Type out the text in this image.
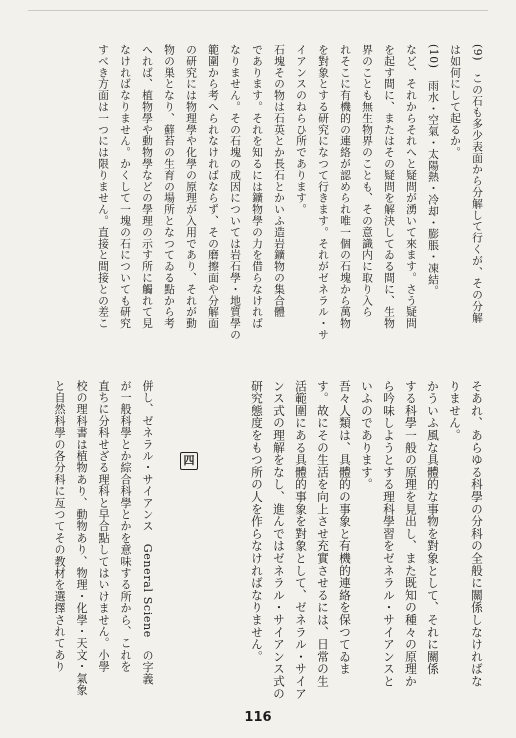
(9)　この石も多少表面から分解して行くが、その分解
は如何にして起るか。
(10)　雨水・空氣・太陽熱・冷却・膨脹・凍結。
など、それからそれへと疑問が湧いて來ます。さう疑問
を起す間に、またはその疑問を解決してゐる間に、生物
界のことも無生物界のことも、その意識内に取り入ら
れそこに有機的の連絡が認められ唯一個の石塊から萬物
を對象とする研究になつて行きます。それがゼネラル・サ
イアンスのねらひ所であります。
石塊その物は石英とか長石とかいふ造岩鑛物の集合體
であります。それを知るには鑛物學の力を借らなければ
なりません。その石塊の成因については岩石學・地質學の
範圍から考へられなければならず、その磨擦面や分解面
の研究には物理學や化學の原理が入用であり、それが動
物の巣となり、蘚苔の生育の場所となつてゐる點から考
へれば、植物學や動物學などの學理の示す所に觸れて見
なければなりません。かくして一塊の石についても研究
すべき方面は一つには限りません。直接と間接との差こ
そあれ、あらゆる科學の分科の全般に關係しなければな
りません。
かういふ風な具體的な事物を對象として、それに關係
する科學一般の原理を見出し、また既知の種々の原理か
ら吟味しようとする理科學習をゼネラル・サイアンスと
いふのであります。
吾々人類は、具體的の事象と有機的連絡を保つてゐま
す。故にその生活を向上させ充實させるには、日常の生
活範圍にある具體的事象を對象として、ゼネラル・サイア
ンス式の理解をなし、進んではゼネラル・サイアンス式の
研究態度をもつ所の人を作らなければなりません。
四
併し、ゼネラル・サイアンス　General Sciene　の字義
が一般科學とか綜合科學とかを意味する所から、これを
直ちに分科せざる理科と早合點してはいけません。小學
校の理科書は植物あり、動物あり、物理・化學・天文・氣象
と自然科學の各分科に亙つてその教材を選擇されてあり
116
